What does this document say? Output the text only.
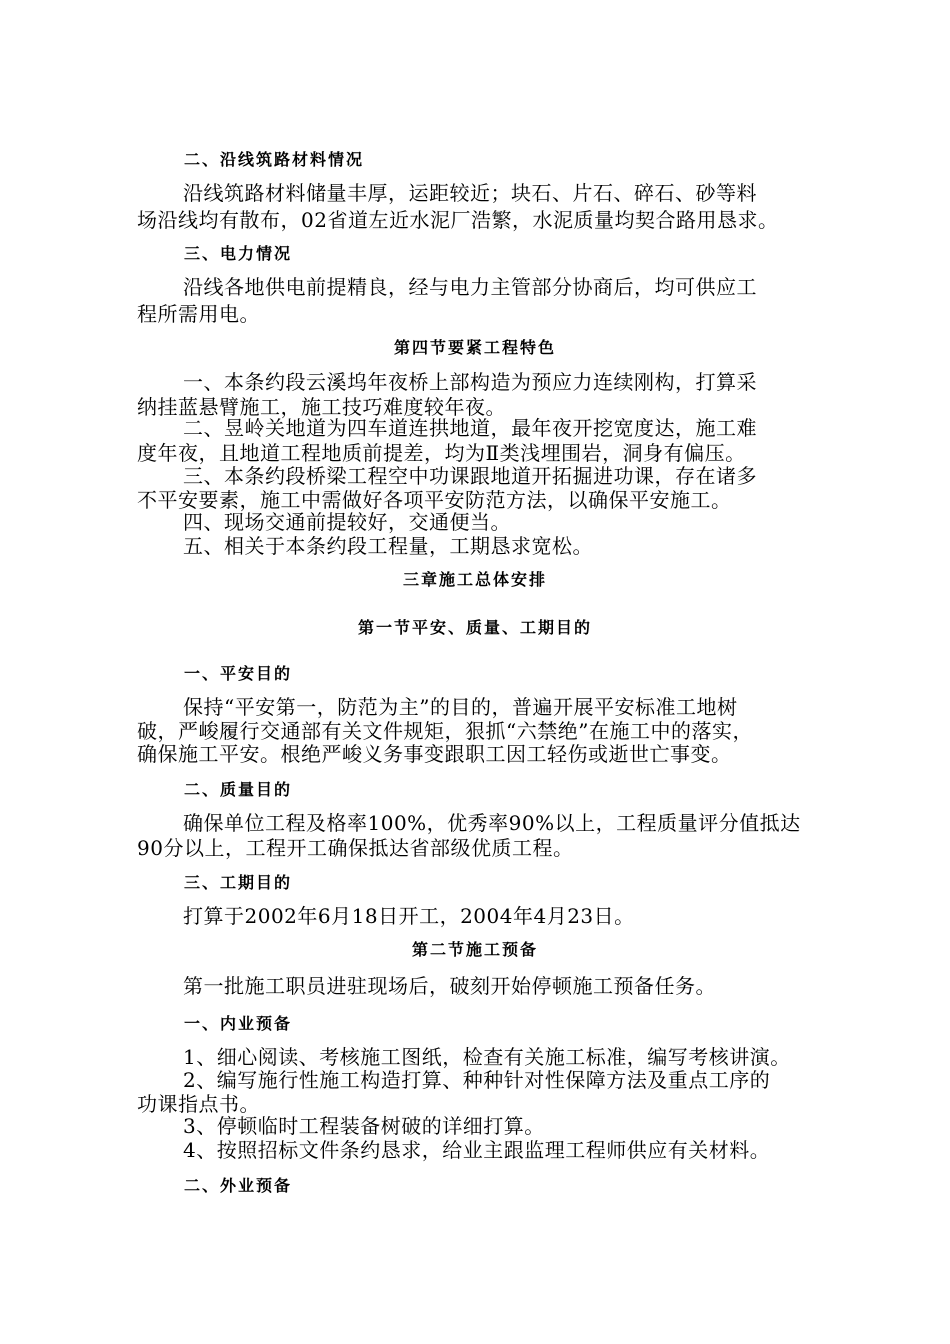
二、沿线筑路材料情况
沿线筑路材料储量丰厚，运距较近；块石、片石、碎石、砂等料
场沿线均有散布，02省道左近水泥厂浩繁，水泥质量均契合路用恳求。
三、电力情况
沿线各地供电前提精良，经与电力主管部分协商后，均可供应工
程所需用电。
第四节要紧工程特色
一、本条约段云溪坞年夜桥上部构造为预应力连续刚构，打算采
纳挂蓝悬臂施工，施工技巧难度较年夜。
二、昱岭关地道为四车道连拱地道，最年夜开挖宽度达，施工难
度年夜，且地道工程地质前提差，均为Ⅱ类浅埋围岩，洞身有偏压。
三、本条约段桥梁工程空中功课跟地道开拓掘进功课，存在诸多
不平安要素，施工中需做好各项平安防范方法，以确保平安施工。
四、现场交通前提较好，交通便当。
五、相关于本条约段工程量，工期恳求宽松。
三章施工总体安排
第一节平安、质量、工期目的
一、平安目的
保持“平安第一，防范为主”的目的，普遍开展平安标准工地树
破，严峻履行交通部有关文件规矩，狠抓“六禁绝”在施工中的落实，
确保施工平安。根绝严峻义务事变跟职工因工轻伤或逝世亡事变。
二、质量目的
确保单位工程及格率100%，优秀率90%以上，工程质量评分值抵达
90分以上，工程开工确保抵达省部级优质工程。
三、工期目的
打算于2002年6月18日开工，2004年4月23日。
第二节施工预备
第一批施工职员进驻现场后，破刻开始停顿施工预备任务。
一、内业预备
1、细心阅读、考核施工图纸，检查有关施工标准，编写考核讲演。
2、编写施行性施工构造打算、种种针对性保障方法及重点工序的
功课指点书。
3、停顿临时工程装备树破的详细打算。
4、按照招标文件条约恳求，给业主跟监理工程师供应有关材料。
二、外业预备
